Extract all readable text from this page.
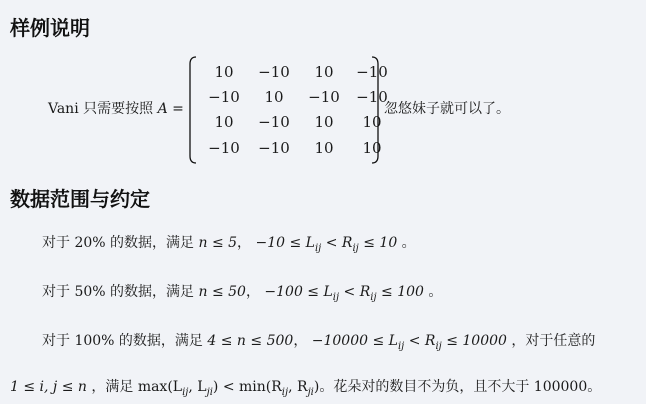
样例说明
Vani 只需要按照 A =
10	−10	10	−10
−10	10	−10	−10
10	−10	10	10
−10	−10	10	10
忽悠妹子就可以了。
数据范围与约定
对于 20% 的数据，满足 n ≤ 5， $-10 \le L_{ij} < R_{ij} \le 10$ 。
对于 50% 的数据，满足 n ≤ 50， $-100 \le L_{ij} < R_{ij} \le 100$ 。
对于 100% 的数据，满足 4 ≤ n ≤ 500， $-10000 \le L_{ij} < R_{ij} \le 10000$ ，对于任意的
1 ≤ i, j ≤ n ，满足 $\max(L_{ij}$, $L_{ji}) < \min(R_{ij}$, $R_{ji}$)。花朵对的数目不为负，且不大于 100000。
